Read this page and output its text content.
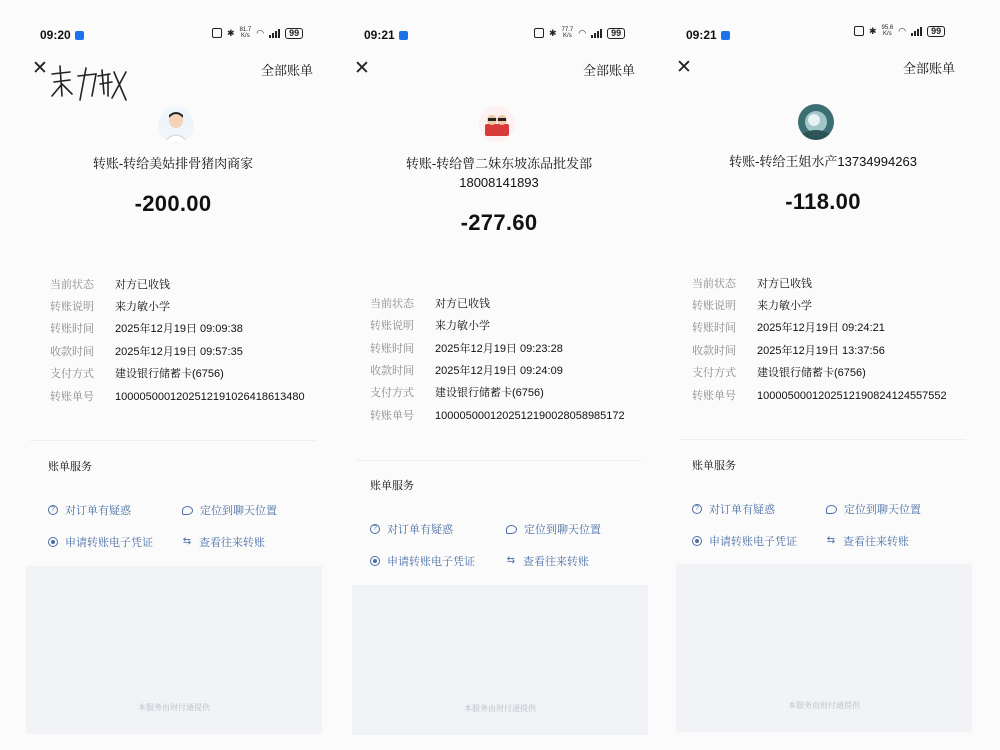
09:20	✱ 81.7
K/s ◠	99
✕	全部账单
转账-转给美姑排骨猪肉商家
-200.00
当前状态 对方已收钱
转账说明 来力敏小学
转账时间 2025年12月19日 09:09:38
收款时间 2025年12月19日 09:57:35
支付方式 建设银行储蓄卡(6756)
转账单号 1000050001202512191026418613480
账单服务
? 对订单有疑惑	定位到聊天位置
申请转账电子凭证	⇆ 查看往来转账
本服务由财付通提供
09:21	✱ 77.7
K/s ◠	99
✕	全部账单
转账-转给曾二妹东坡冻品批发部
18008141893
-277.60
当前状态 对方已收钱
转账说明 来力敏小学
转账时间 2025年12月19日 09:23:28
收款时间 2025年12月19日 09:24:09
支付方式 建设银行储蓄卡(6756)
转账单号 1000050001202512190028058985172
账单服务
? 对订单有疑惑	定位到聊天位置
申请转账电子凭证	⇆ 查看往来转账
本服务由财付通提供
09:21	✱ 95.6
K/s ◠	99
✕	全部账单
转账-转给王姐水产13734994263
-118.00
当前状态 对方已收钱
转账说明 来力敏小学
转账时间 2025年12月19日 09:24:21
收款时间 2025年12月19日 13:37:56
支付方式 建设银行储蓄卡(6756)
转账单号 1000050001202512190824124557552
账单服务
? 对订单有疑惑	定位到聊天位置
申请转账电子凭证	⇆ 查看往来转账
本服务由财付通提供
